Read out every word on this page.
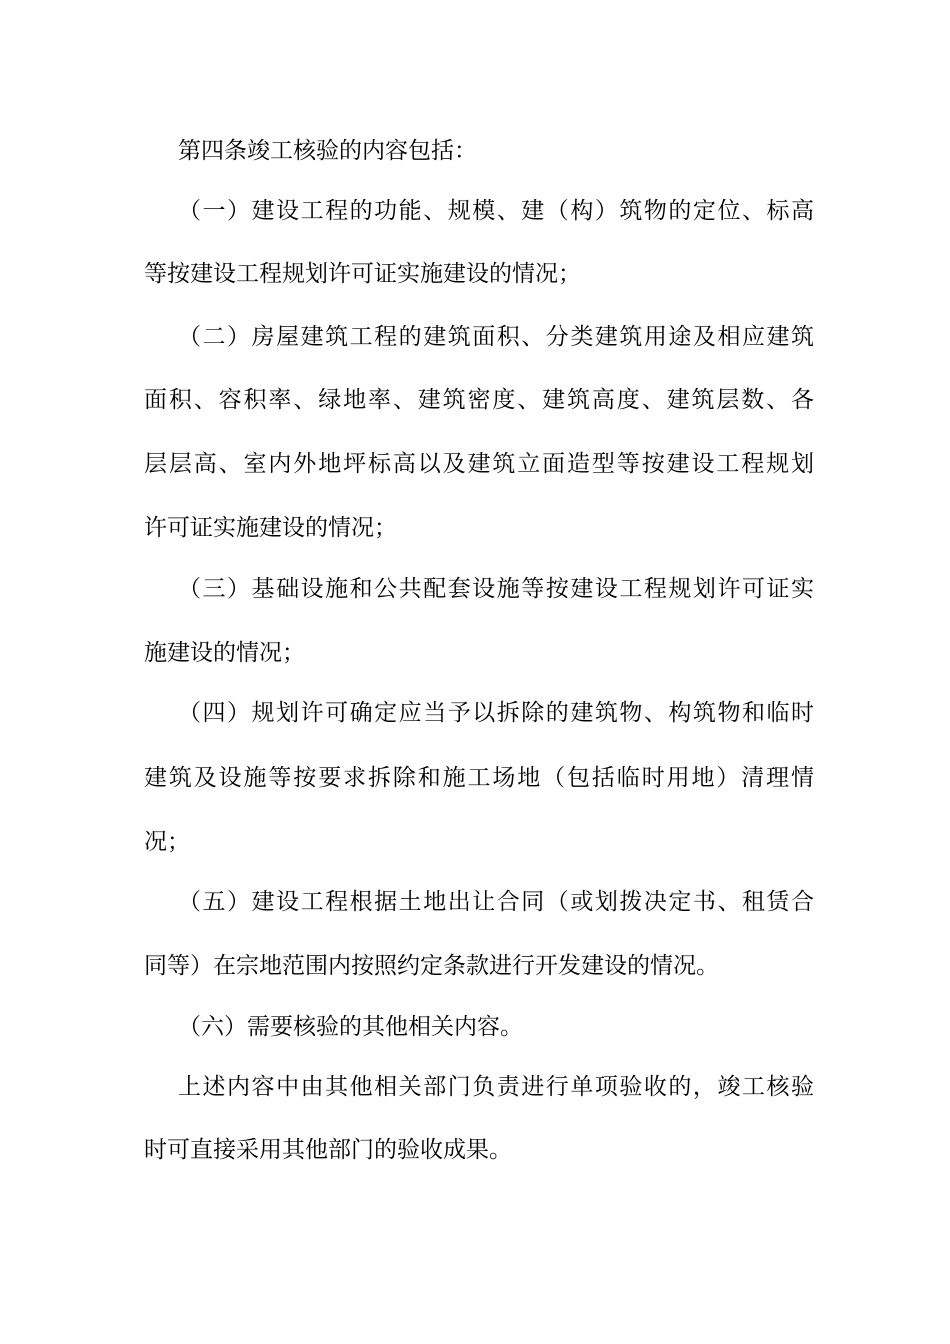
第四条竣工核验的内容包括：
（一）建设工程的功能、规模、建（构）筑物的定位、标高
等按建设工程规划许可证实施建设的情况；
（二）房屋建筑工程的建筑面积、分类建筑用途及相应建筑
面积、容积率、绿地率、建筑密度、建筑高度、建筑层数、各
层层高、室内外地坪标高以及建筑立面造型等按建设工程规划
许可证实施建设的情况；
（三）基础设施和公共配套设施等按建设工程规划许可证实
施建设的情况；
（四）规划许可确定应当予以拆除的建筑物、构筑物和临时
建筑及设施等按要求拆除和施工场地（包括临时用地）清理情
况；
（五）建设工程根据土地出让合同（或划拨决定书、租赁合
同等）在宗地范围内按照约定条款进行开发建设的情况。
（六）需要核验的其他相关内容。
上述内容中由其他相关部门负责进行单项验收的，竣工核验
时可直接采用其他部门的验收成果。
